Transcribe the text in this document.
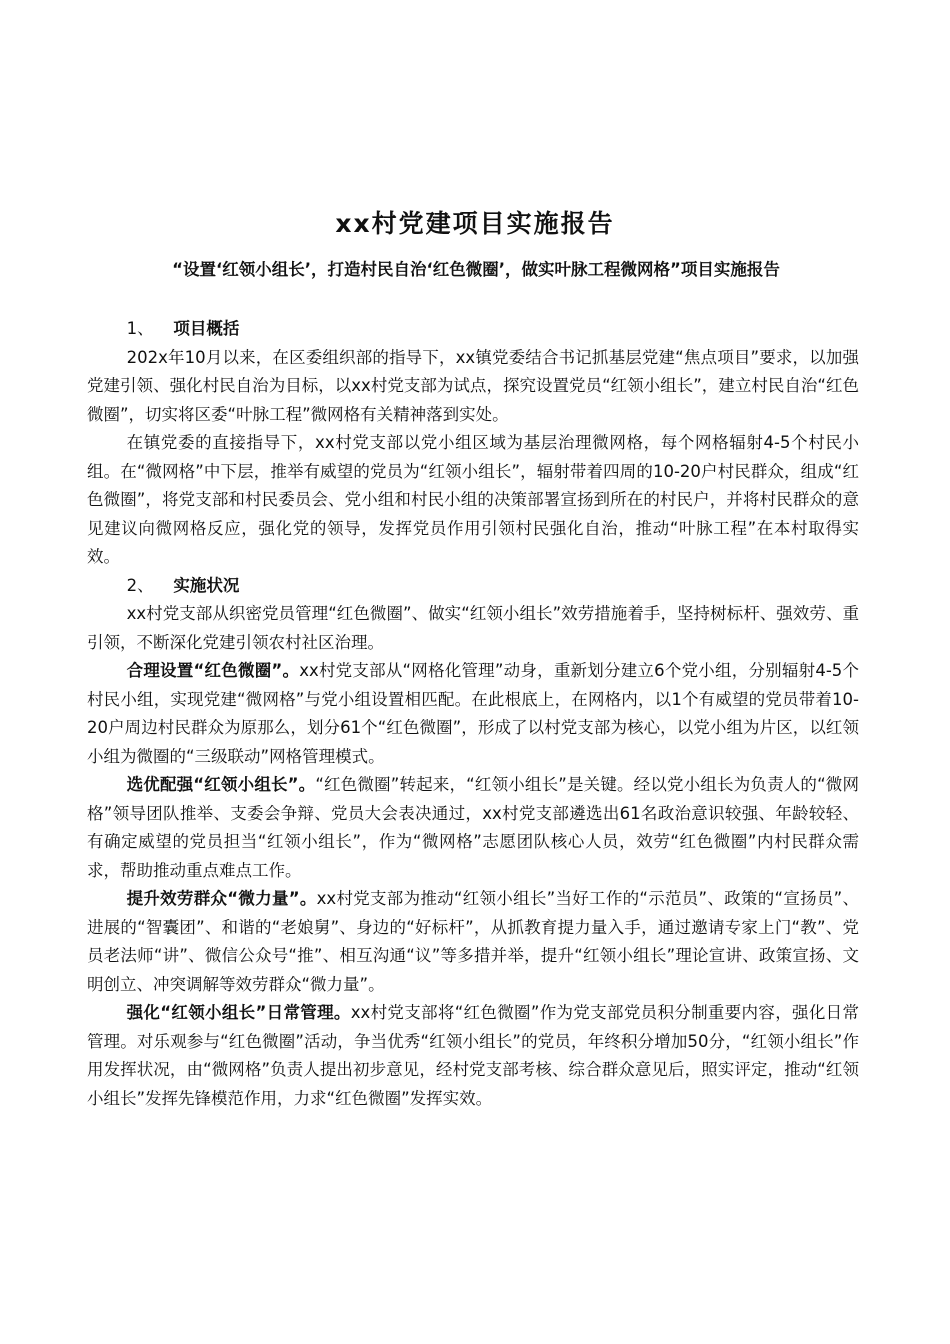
xx村党建项目实施报告
“设置‘红领小组长’，打造村民自治‘红色微圈’，做实叶脉工程微网格”项目实施报告

1、 项目概括

202x年10月以来，在区委组织部的指导下，xx镇党委结合书记抓基层党建“焦点项目”要求，以加强党建引领、强化村民自治为目标，以xx村党支部为试点，探究设置党员“红领小组长”，建立村民自治“红色微圈”，切实将区委“叶脉工程”微网格有关精神落到实处。

在镇党委的直接指导下，xx村党支部以党小组区域为基层治理微网格，每个网格辐射4-5个村民小组。在“微网格”中下层，推举有威望的党员为“红领小组长”，辐射带着四周的10-20户村民群众，组成“红色微圈”，将党支部和村民委员会、党小组和村民小组的决策部署宣扬到所在的村民户，并将村民群众的意见建议向微网格反应，强化党的领导，发挥党员作用引领村民强化自治，推动“叶脉工程”在本村取得实效。

2、 实施状况

xx村党支部从织密党员管理“红色微圈”、做实“红领小组长”效劳措施着手，坚持树标杆、强效劳、重引领，不断深化党建引领农村社区治理。

合理设置“红色微圈”。xx村党支部从“网格化管理”动身，重新划分建立6个党小组，分别辐射4-5个村民小组，实现党建“微网格”与党小组设置相匹配。在此根底上，在网格内，以1个有威望的党员带着10-20户周边村民群众为原那么，划分61个“红色微圈”，形成了以村党支部为核心，以党小组为片区，以红领小组为微圈的“三级联动”网格管理模式。

选优配强“红领小组长”。“红色微圈”转起来，“红领小组长”是关键。经以党小组长为负责人的“微网格”领导团队推举、支委会争辩、党员大会表决通过，xx村党支部遴选出61名政治意识较强、年龄较轻、有确定威望的党员担当“红领小组长”，作为“微网格”志愿团队核心人员，效劳“红色微圈”内村民群众需求，帮助推动重点难点工作。

提升效劳群众“微力量”。xx村党支部为推动“红领小组长”当好工作的“示范员”、政策的“宣扬员”、进展的“智囊团”、和谐的“老娘舅”、身边的“好标杆”，从抓教育提力量入手，通过邀请专家上门“教”、党员老法师“讲”、微信公众号“推”、相互沟通“议”等多措并举，提升“红领小组长”理论宣讲、政策宣扬、文明创立、冲突调解等效劳群众“微力量”。

强化“红领小组长”日常管理。xx村党支部将“红色微圈”作为党支部党员积分制重要内容，强化日常管理。对乐观参与“红色微圈”活动，争当优秀“红领小组长”的党员，年终积分增加50分，“红领小组长”作用发挥状况，由“微网格”负责人提出初步意见，经村党支部考核、综合群众意见后，照实评定，推动“红领小组长”发挥先锋模范作用，力求“红色微圈”发挥实效。
